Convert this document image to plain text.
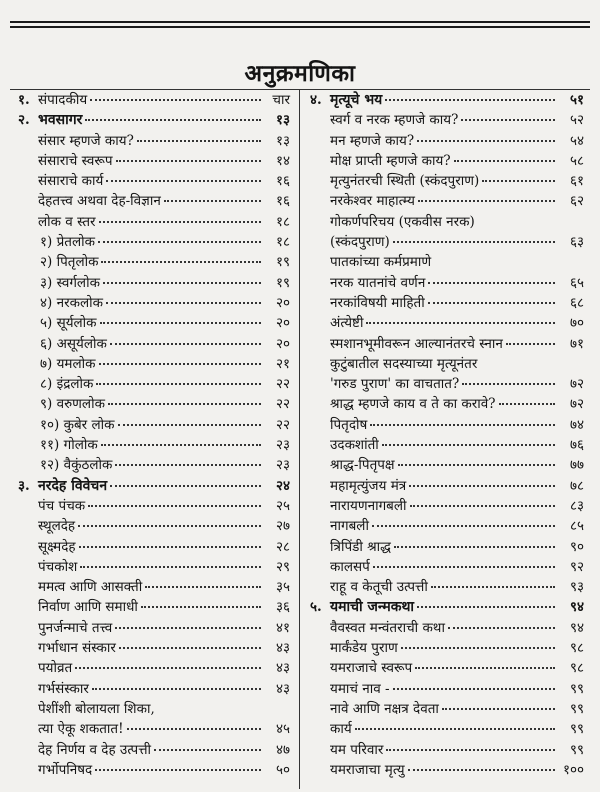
अनुक्रमणिका
१. संपादकीय	चार
२. भवसागर	१३
संसार म्हणजे काय?	१३
संसाराचे स्वरूप	१४
संसाराचे कार्य	१६
देहतत्त्व अथवा देह-विज्ञान	१६
लोक व स्तर	१८
१) प्रेतलोक	१८
२) पितृलोक	१९
३) स्वर्गलोक	१९
४) नरकलोक	२०
५) सूर्यलोक	२०
६) असूर्यलोक	२०
७) यमलोक	२१
८) इंद्रलोक	२२
९) वरुणलोक	२२
१०) कुबेर लोक	२२
११) गोलोक	२३
१२) वैकुंठलोक	२३
३. नरदेह विवेचन	२४
पंच पंचक	२५
स्थूलदेह	२७
सूक्ष्मदेह	२८
पंचकोश	२९
ममत्व आणि आसक्ती	३५
निर्वाण आणि समाधी	३६
पुनर्जन्माचे तत्त्व	४१
गर्भाधान संस्कार	४३
पयोव्रत	४३
गर्भसंस्कार	४३
पेशींशी बोलायला शिका,
त्या ऐकू शकतात!	४५
देह निर्णय व देह उत्पत्ती	४७
गर्भोपनिषद	५०
४. मृत्यूचे भय	५१
स्वर्ग व नरक म्हणजे काय?	५२
मन म्हणजे काय?	५४
मोक्ष प्राप्ती म्हणजे काय?	५८
मृत्युनंतरची स्थिती (स्कंदपुराण)	६१
नरकेश्वर माहात्म्य	६२
गोकर्णपरिचय (एकवीस नरक)
(स्कंदपुराण)	६३
पातकांच्या कर्मप्रमाणे
नरक यातनांचे वर्णन	६५
नरकांविषयी माहिती	६८
अंत्येष्टी	७०
स्मशानभूमीवरून आल्यानंतरचे स्नान	७१
कुटुंबातील सदस्याच्या मृत्यूनंतर
'गरुड पुराण' का वाचतात?	७२
श्राद्ध म्हणजे काय व ते का करावे?	७२
पितृदोष	७४
उदकशांती	७६
श्राद्ध-पितृपक्ष	७७
महामृत्युंजय मंत्र	७८
नारायणनागबली	८३
नागबली	८५
त्रिपिंडी श्राद्ध	९०
कालसर्प	९२
राहू व केतूची उत्पत्ती	९३
५. यमाची जन्मकथा	९४
वैवस्वत मन्वंतराची कथा	९४
मार्कंडेय पुराण	९८
यमराजाचे स्वरूप	९८
यमाचं नाव -	९९
नावे आणि नक्षत्र देवता	९९
कार्य	९९
यम परिवार	९९
यमराजाचा मृत्यु	१००
